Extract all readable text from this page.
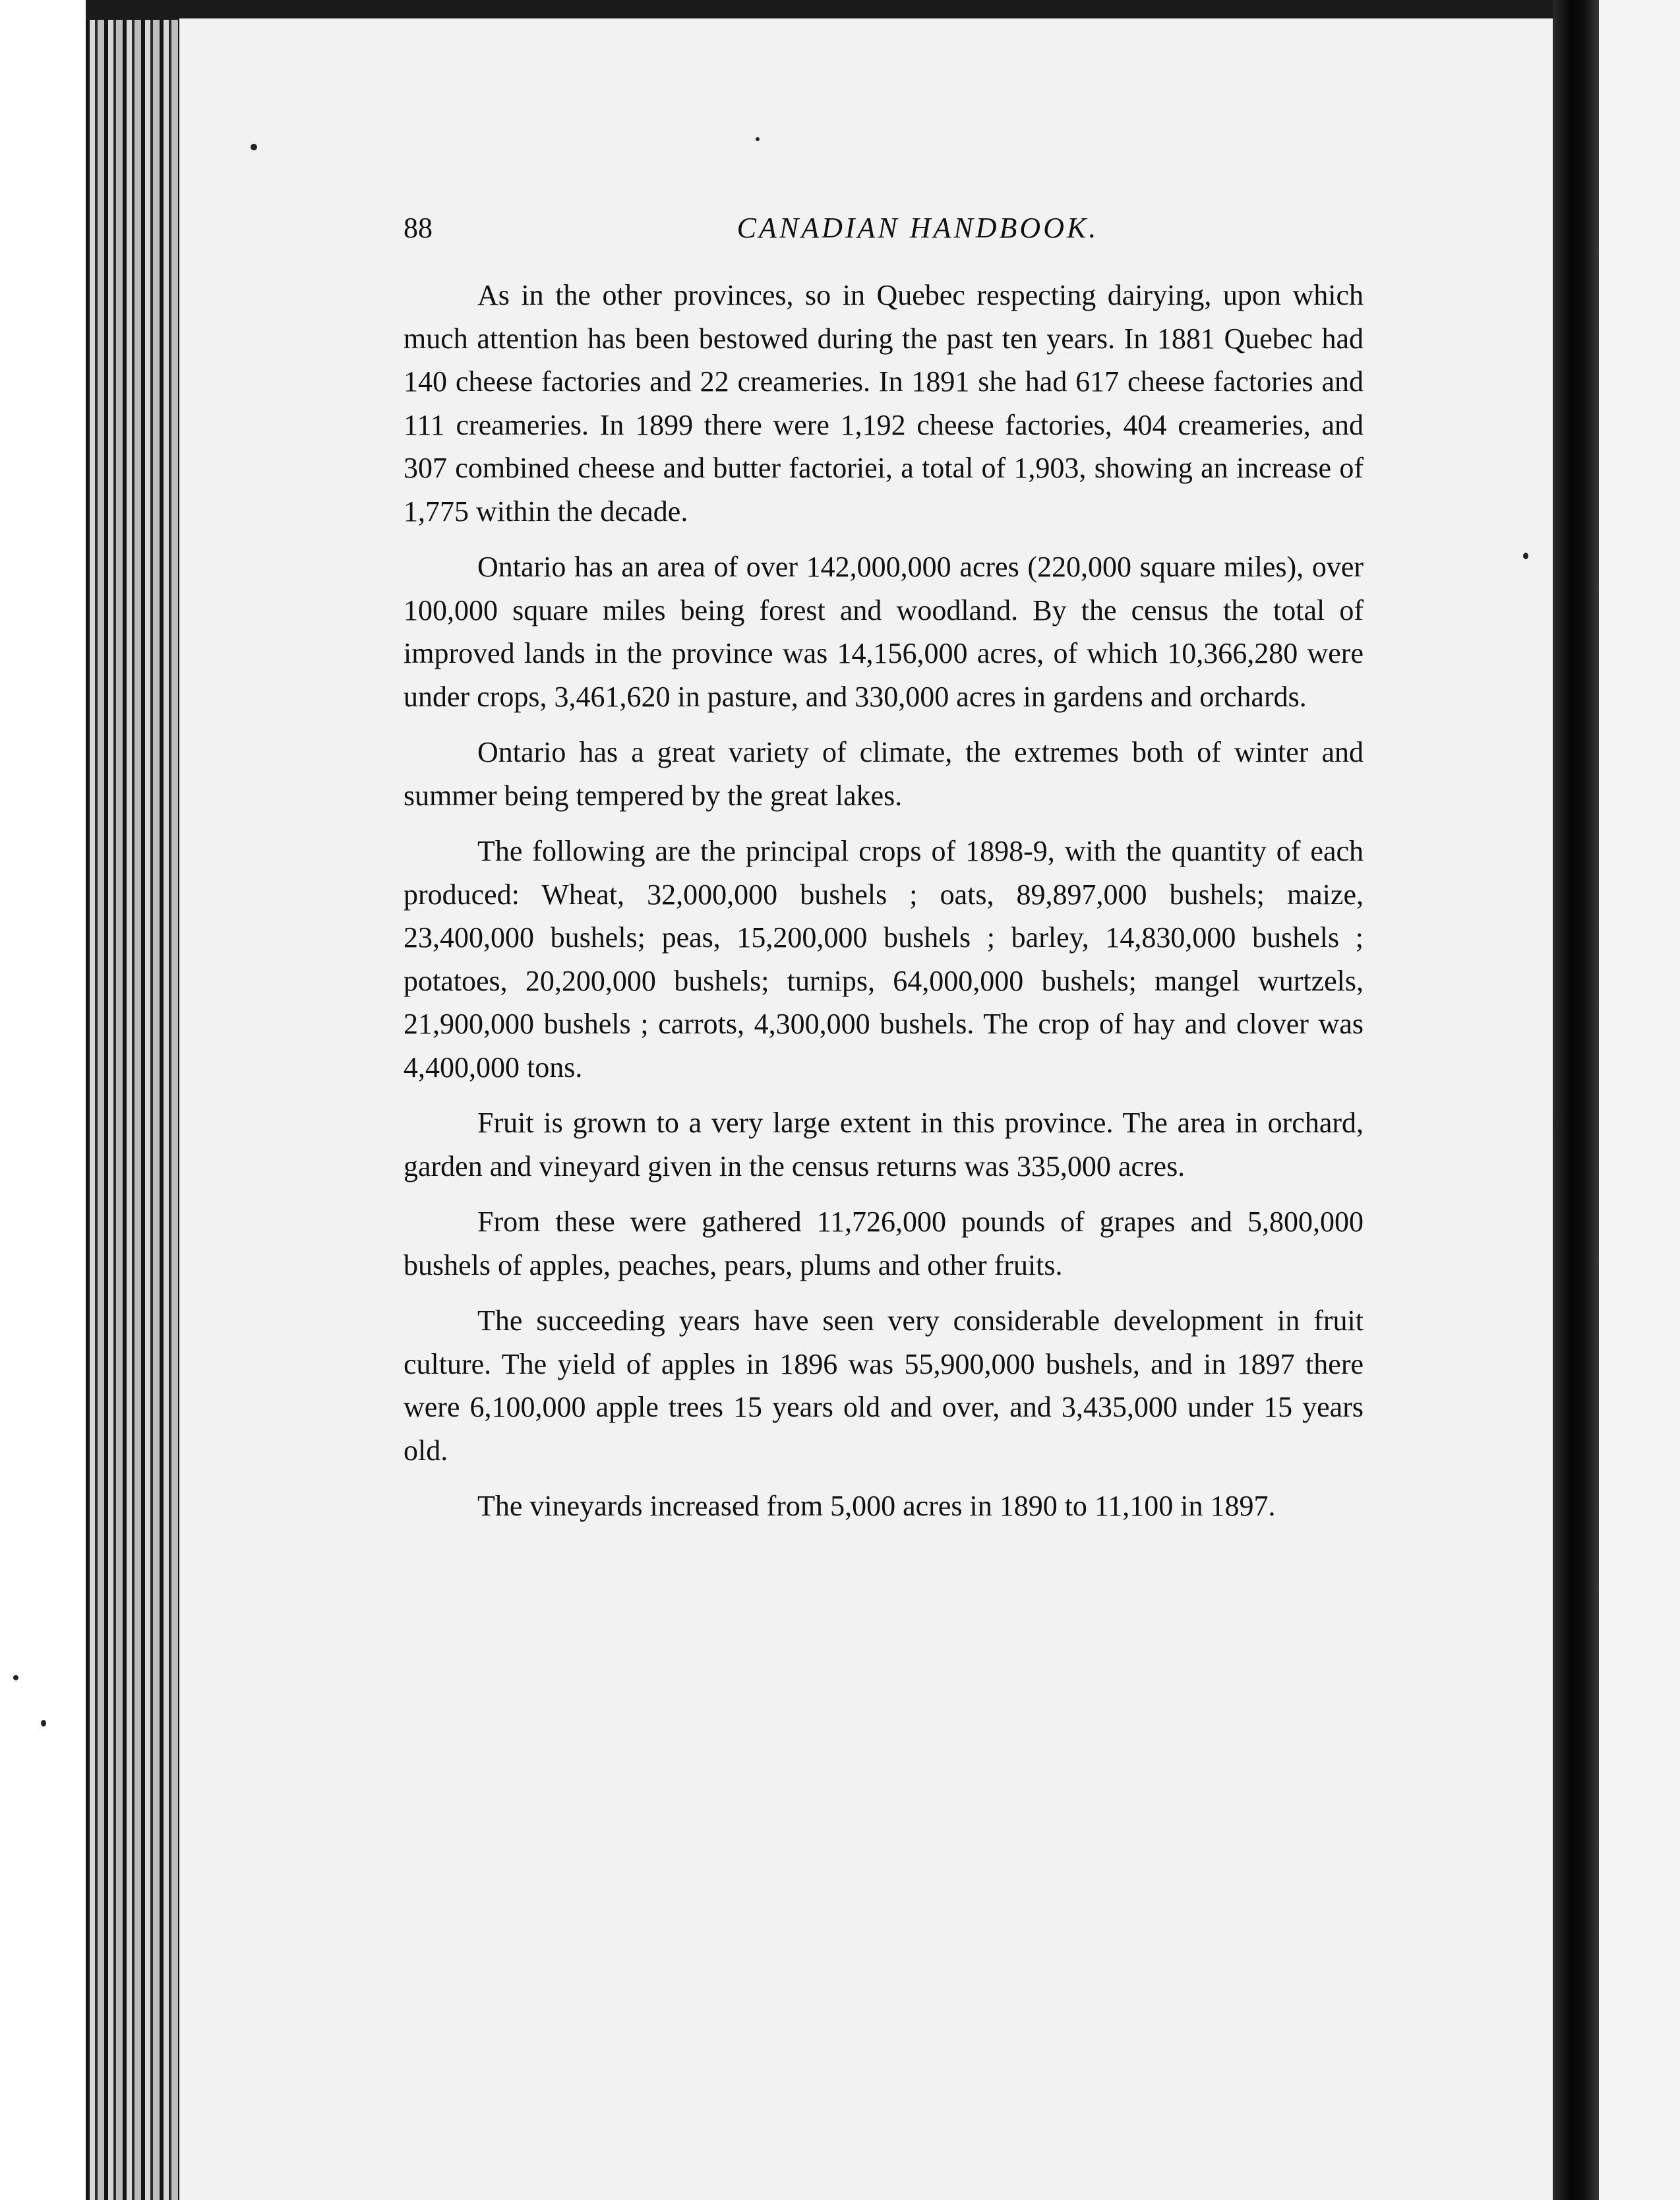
88	CANADIAN HANDBOOK.

As in the other provinces, so in Quebec respecting dairying, upon which much attention has been bestowed during the past ten years. In 1881 Quebec had 140 cheese factories and 22 creameries. In 1891 she had 617 cheese factories and 111 creameries. In 1899 there were 1,192 cheese factories, 404 creameries, and 307 combined cheese and butter factoriei, a total of 1,903, showing an increase of 1,775 within the decade.

Ontario has an area of over 142,000,000 acres (220,000 square miles), over 100,000 square miles being forest and woodland. By the census the total of improved lands in the province was 14,156,000 acres, of which 10,366,280 were under crops, 3,461,620 in pasture, and 330,000 acres in gardens and orchards.

Ontario has a great variety of climate, the extremes both of winter and summer being tempered by the great lakes.

The following are the principal crops of 1898-9, with the quantity of each produced: Wheat, 32,000,000 bushels ; oats, 89,897,000 bushels; maize, 23,400,000 bushels; peas, 15,200,000 bushels ; barley, 14,830,000 bushels ; potatoes, 20,200,000 bushels; turnips, 64,000,000 bushels; mangel wurtzels, 21,900,000 bushels ; carrots, 4,300,000 bushels. The crop of hay and clover was 4,400,000 tons.

Fruit is grown to a very large extent in this province. The area in orchard, garden and vineyard given in the census returns was 335,000 acres.

From these were gathered 11,726,000 pounds of grapes and 5,800,000 bushels of apples, peaches, pears, plums and other fruits.

The succeeding years have seen very considerable development in fruit culture. The yield of apples in 1896 was 55,900,000 bushels, and in 1897 there were 6,100,000 apple trees 15 years old and over, and 3,435,000 under 15 years old.

The vineyards increased from 5,000 acres in 1890 to 11,100 in 1897.
